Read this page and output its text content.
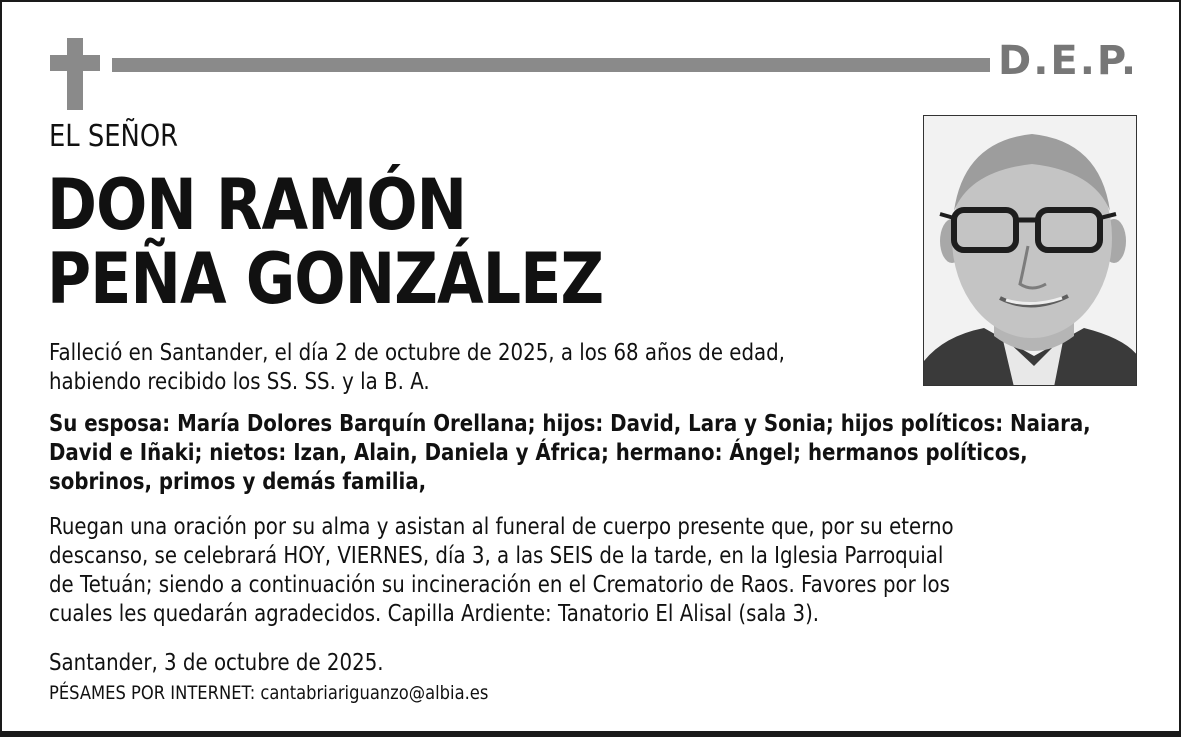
D.E.P.
EL SEÑOR
DON RAMÓN
PEÑA GONZÁLEZ
Falleció en Santander, el día 2 de octubre de 2025, a los 68 años de edad,
habiendo recibido los SS. SS. y la B. A.
Su esposa: María Dolores Barquín Orellana; hijos: David, Lara y Sonia; hijos políticos: Naiara,
David e Iñaki; nietos: Izan, Alain, Daniela y África; hermano: Ángel; hermanos políticos,
sobrinos, primos y demás familia,
Ruegan una oración por su alma y asistan al funeral de cuerpo presente que, por su eterno
descanso, se celebrará HOY, VIERNES, día 3, a las SEIS de la tarde, en la Iglesia Parroquial
de Tetuán; siendo a continuación su incineración en el Crematorio de Raos. Favores por los
cuales les quedarán agradecidos. Capilla Ardiente: Tanatorio El Alisal (sala 3).
Santander, 3 de octubre de 2025.
PÉSAMES POR INTERNET: cantabriariguanzo@albia.es
